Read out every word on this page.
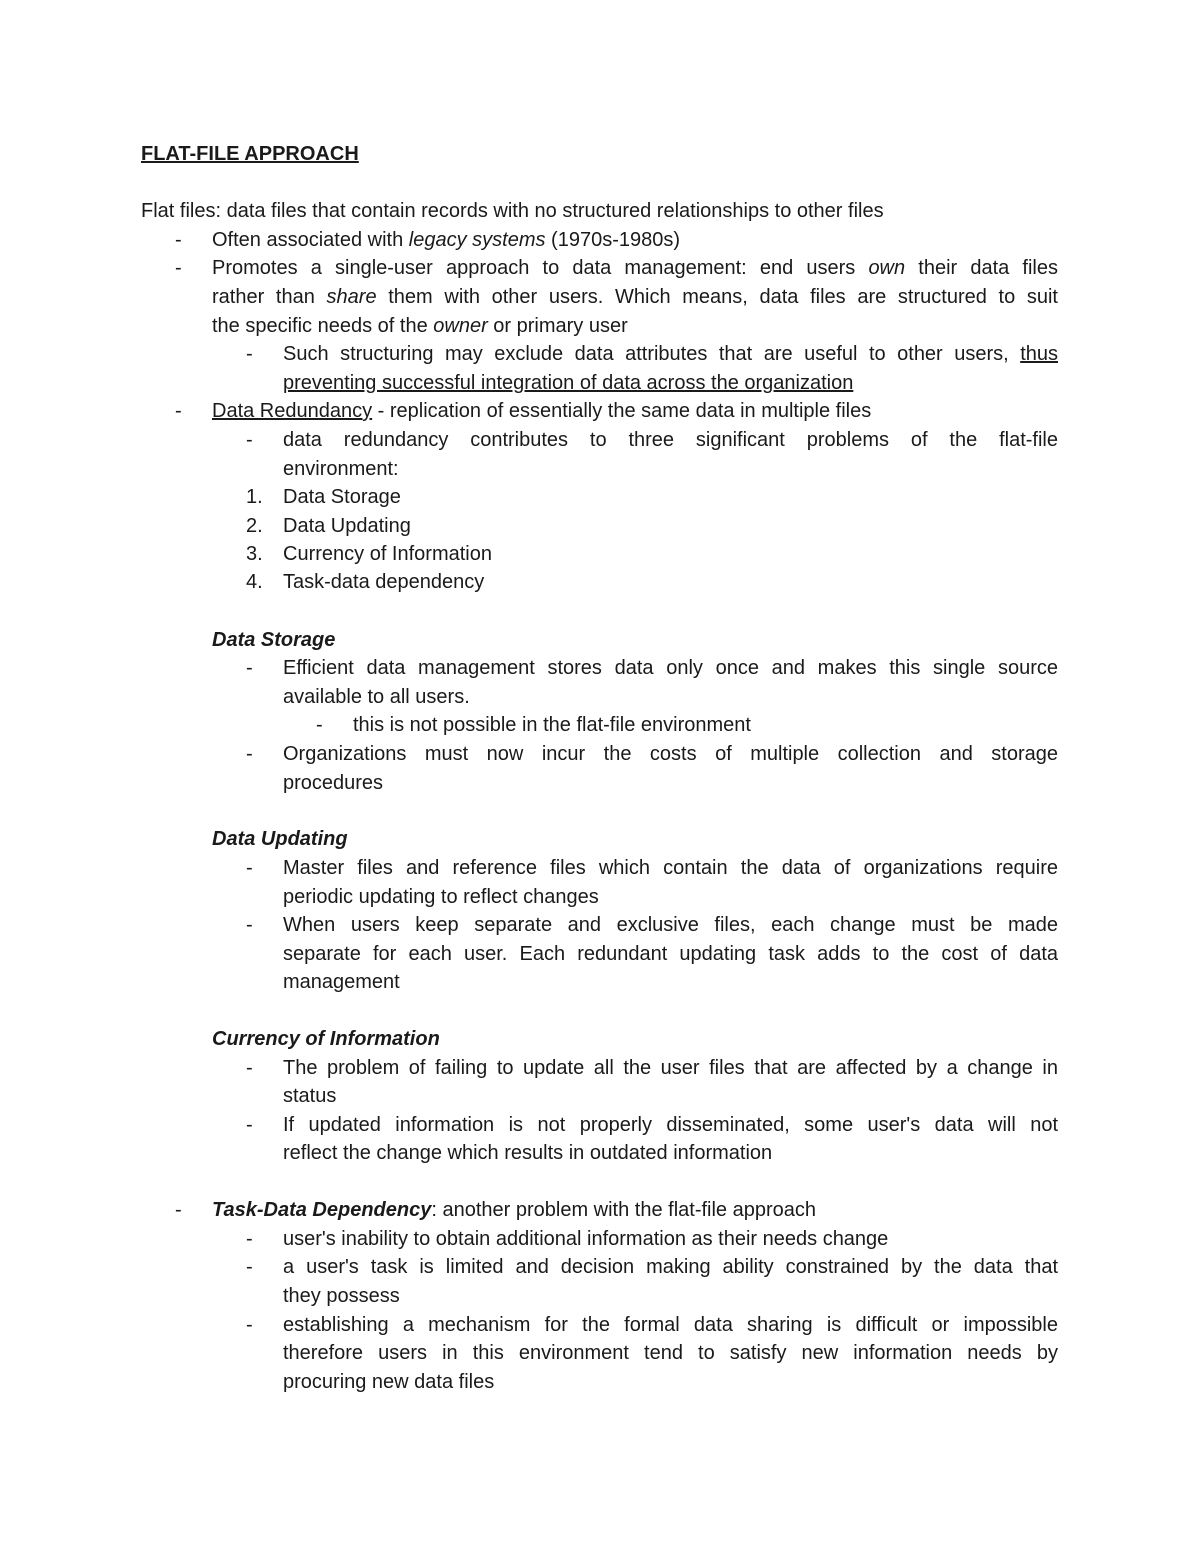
FLAT-FILE APPROACH
Flat files: data files that contain records with no structured relationships to other files
- Often associated with legacy systems (1970s-1980s)
- Promotes a single-user approach to data management: end users own their data files
rather than share them with other users. Which means, data files are structured to suit
the specific needs of the owner or primary user
- Such structuring may exclude data attributes that are useful to other users, thus
preventing successful integration of data across the organization
- Data Redundancy - replication of essentially the same data in multiple files
- data redundancy contributes to three significant problems of the flat-file
environment:
1. Data Storage
2. Data Updating
3. Currency of Information
4. Task-data dependency
Data Storage
- Efficient data management stores data only once and makes this single source
available to all users.
- this is not possible in the flat-file environment
- Organizations must now incur the costs of multiple collection and storage
procedures
Data Updating
- Master files and reference files which contain the data of organizations require
periodic updating to reflect changes
- When users keep separate and exclusive files, each change must be made
separate for each user. Each redundant updating task adds to the cost of data
management
Currency of Information
- The problem of failing to update all the user files that are affected by a change in
status
- If updated information is not properly disseminated, some user's data will not
reflect the change which results in outdated information
- Task-Data Dependency: another problem with the flat-file approach
- user's inability to obtain additional information as their needs change
- a user's task is limited and decision making ability constrained by the data that
they possess
- establishing a mechanism for the formal data sharing is difficult or impossible
therefore users in this environment tend to satisfy new information needs by
procuring new data files
